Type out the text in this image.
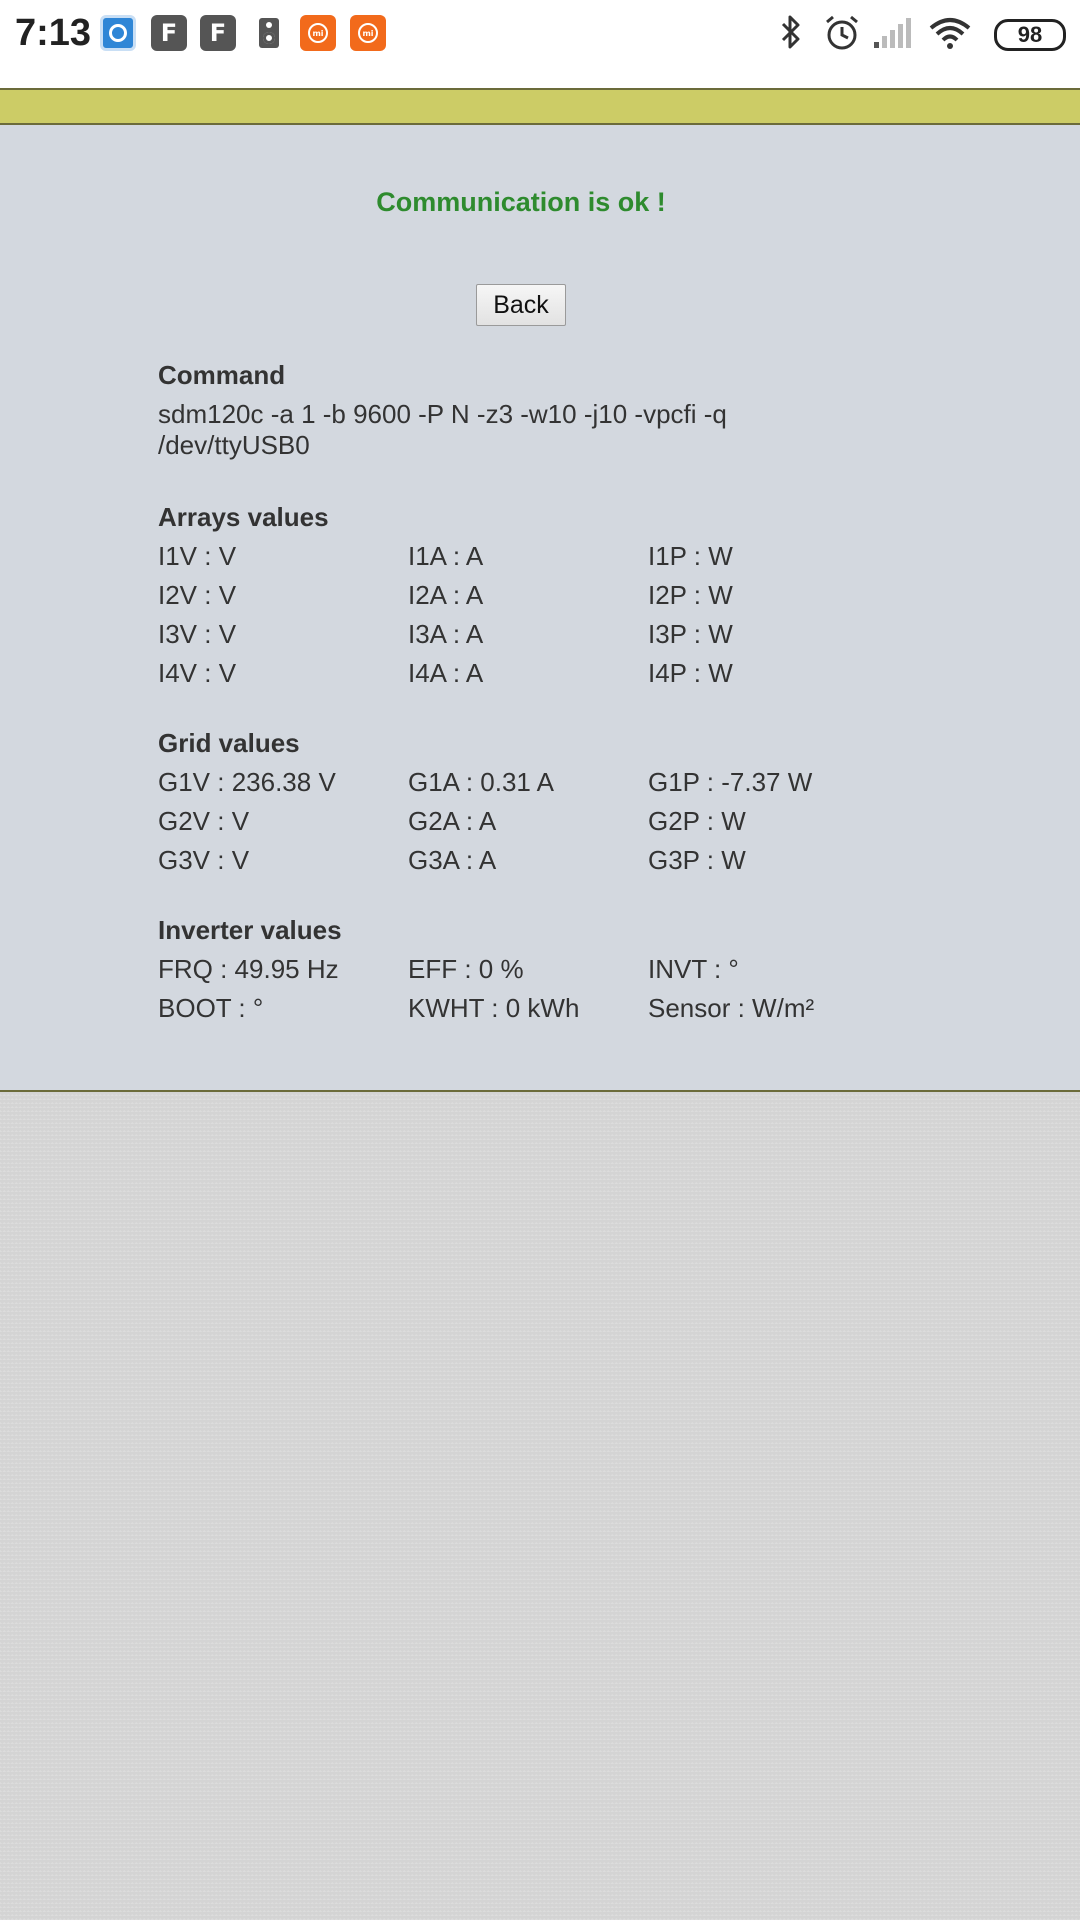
7:13	F	F	mi	mi	98
Communication is ok !
Back
Command
sdm120c -a 1 -b 9600 -P N -z3 -w10 -j10 -vpcfi -q /dev/ttyUSB0
Arrays values
I1V : V	I1A : A	I1P : W
I2V : V	I2A : A	I2P : W
I3V : V	I3A : A	I3P : W
I4V : V	I4A : A	I4P : W
Grid values
G1V : 236.38 V	G1A : 0.31 A	G1P : -7.37 W
G2V : V	G2A : A	G2P : W
G3V : V	G3A : A	G3P : W
Inverter values
FRQ : 49.95 Hz	EFF : 0 %	INVT : °
BOOT : °	KWHT : 0 kWh	Sensor : W/m²
